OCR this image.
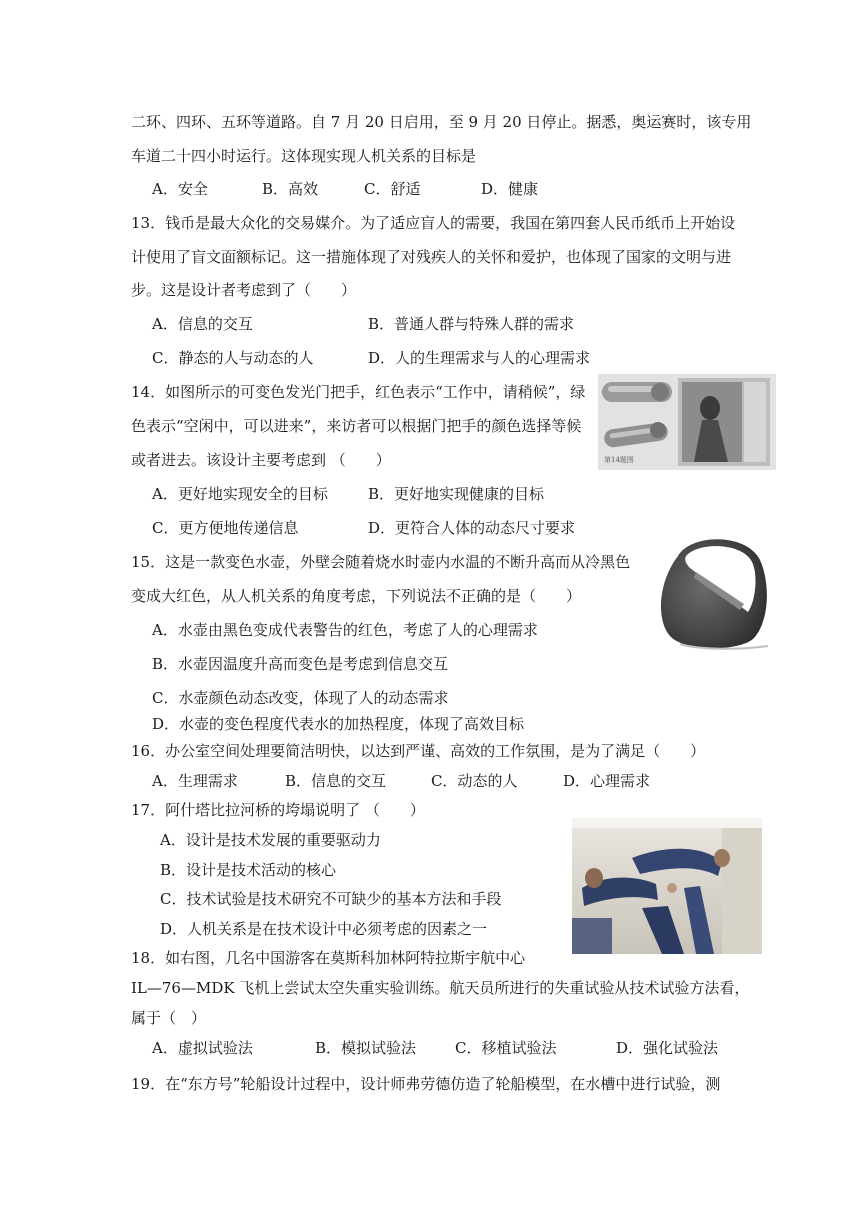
二环、四环、五环等道路。自 7 月 20 日启用，至 9 月 20 日停止。据悉，奥运赛时，该专用
车道二十四小时运行。这体现实现人机关系的目标是
A．安全	B．高效	C．舒适	D．健康
13．钱币是最大众化的交易媒介。为了适应盲人的需要，我国在第四套人民币纸币上开始设
计使用了盲文面额标记。这一措施体现了对残疾人的关怀和爱护，也体现了国家的文明与进
步。这是设计者考虑到了（　　）
A．信息的交互	B．普通人群与特殊人群的需求
C．静态的人与动态的人	D．人的生理需求与人的心理需求
14．如图所示的可变色发光门把手，红色表示“工作中，请稍候”，绿
色表示“空闲中，可以进来”，来访者可以根据门把手的颜色选择等候
或者进去。该设计主要考虑到 （　　）
A．更好地实现安全的目标	B．更好地实现健康的目标
C．更方便地传递信息	D．更符合人体的动态尺寸要求
第14题图
15．这是一款变色水壶，外壁会随着烧水时壶内水温的不断升高而从冷黑色
变成大红色，从人机关系的角度考虑，下列说法不正确的是（　　）
A．水壶由黑色变成代表警告的红色，考虑了人的心理需求
B．水壶因温度升高而变色是考虑到信息交互
C．水壶颜色动态改变，体现了人的动态需求
D．水壶的变色程度代表水的加热程度，体现了高效目标
16．办公室空间处理要简洁明快，以达到严谨、高效的工作氛围，是为了满足（　　）
A．生理需求	B．信息的交互	C．动态的人	D．心理需求
17．阿什塔比拉河桥的垮塌说明了 （　　）
A．设计是技术发展的重要驱动力
B．设计是技术活动的核心
C．技术试验是技术研究不可缺少的基本方法和手段
D．人机关系是在技术设计中必须考虑的因素之一
18．如右图，几名中国游客在莫斯科加林阿特拉斯宇航中心
IL—76—MDK 飞机上尝试太空失重实验训练。航天员所进行的失重试验从技术试验方法看，
属于（　）
A．虚拟试验法	B．模拟试验法	C．移植试验法	D．强化试验法
19．在“东方号”轮船设计过程中，设计师弗劳德仿造了轮船模型，在水槽中进行试验，测
